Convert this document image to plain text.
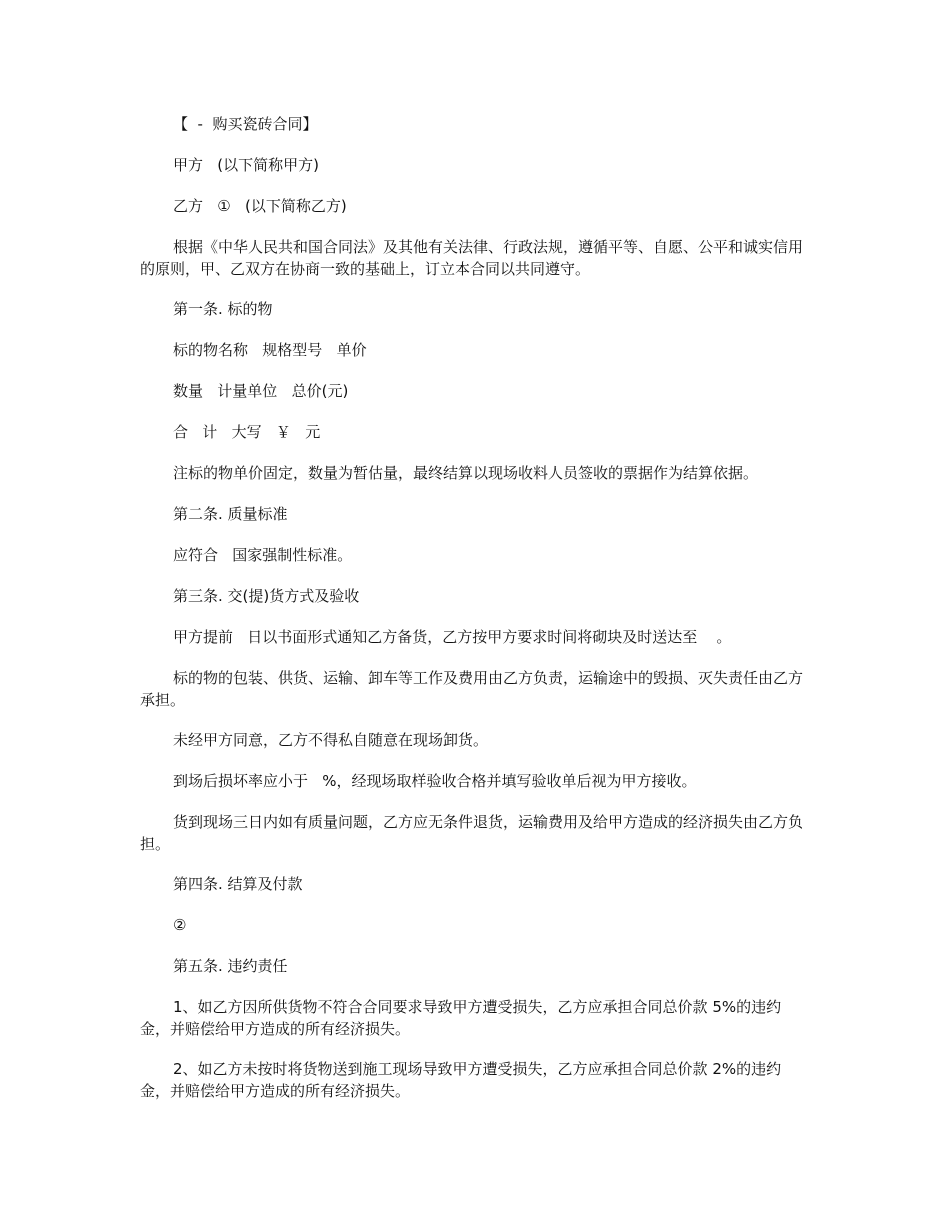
【  -  购买瓷砖合同】

甲方   (以下简称甲方)

乙方   ①   (以下简称乙方)

根据《中华人民共和国合同法》及其他有关法律、行政法规，遵循平等、自愿、公平和诚实信用的原则，甲、乙双方在协商一致的基础上，订立本合同以共同遵守。

第一条. 标的物

标的物名称   规格型号   单价

数量   计量单位   总价(元)

合   计   大写   ￥   元

注标的物单价固定，数量为暂估量，最终结算以现场收料人员签收的票据作为结算依据。

第二条. 质量标准

应符合   国家强制性标准。

第三条. 交(提)货方式及验收

甲方提前   日以书面形式通知乙方备货，乙方按甲方要求时间将砌块及时送达至    。

标的物的包装、供货、运输、卸车等工作及费用由乙方负责，运输途中的毁损、灭失责任由乙方承担。

未经甲方同意，乙方不得私自随意在现场卸货。

到场后损坏率应小于   %，经现场取样验收合格并填写验收单后视为甲方接收。

货到现场三日内如有质量问题，乙方应无条件退货，运输费用及给甲方造成的经济损失由乙方负担。

第四条. 结算及付款

②

第五条. 违约责任

1、如乙方因所供货物不符合合同要求导致甲方遭受损失，乙方应承担合同总价款 5%的违约金，并赔偿给甲方造成的所有经济损失。

2、如乙方未按时将货物送到施工现场导致甲方遭受损失，乙方应承担合同总价款 2%的违约金，并赔偿给甲方造成的所有经济损失。
